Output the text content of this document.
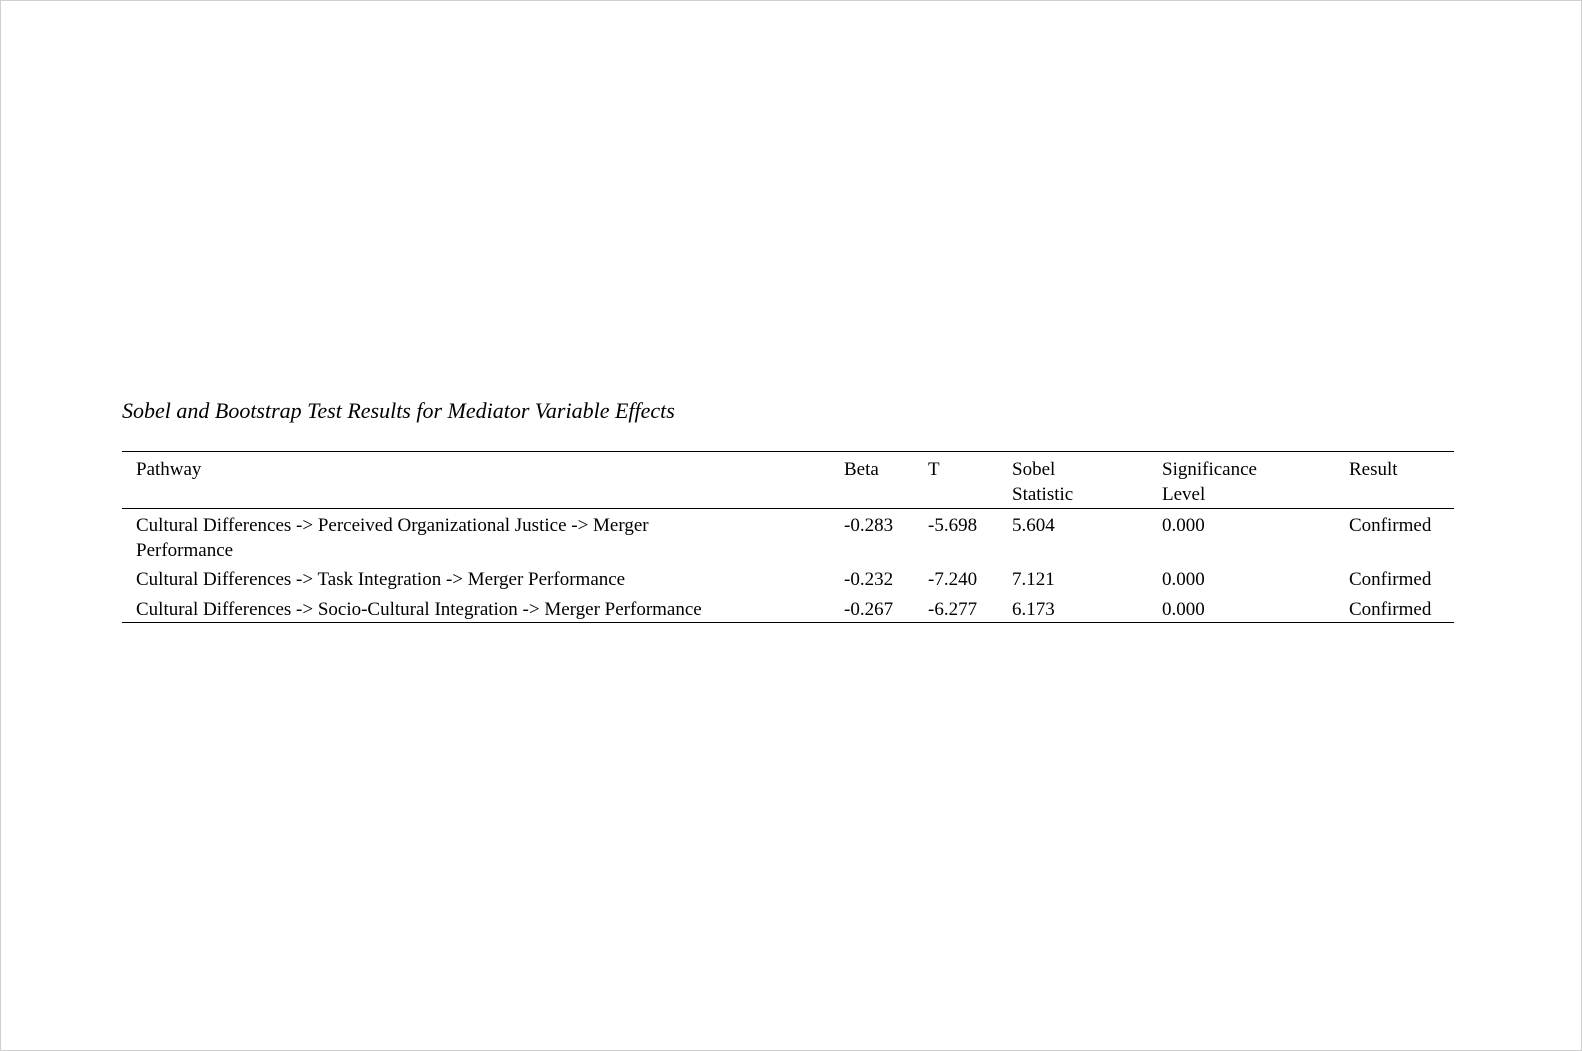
Sobel and Bootstrap Test Results for Mediator Variable Effects
Pathway	Beta	T	Sobel Statistic	Significance Level	Result

Cultural Differences -> Perceived Organizational Justice -> Merger Performance	-0.283	-5.698	5.604	0.000	Confirmed
Cultural Differences -> Task Integration -> Merger Performance	-0.232	-7.240	7.121	0.000	Confirmed
Cultural Differences -> Socio-Cultural Integration -> Merger Performance	-0.267	-6.277	6.173	0.000	Confirmed
